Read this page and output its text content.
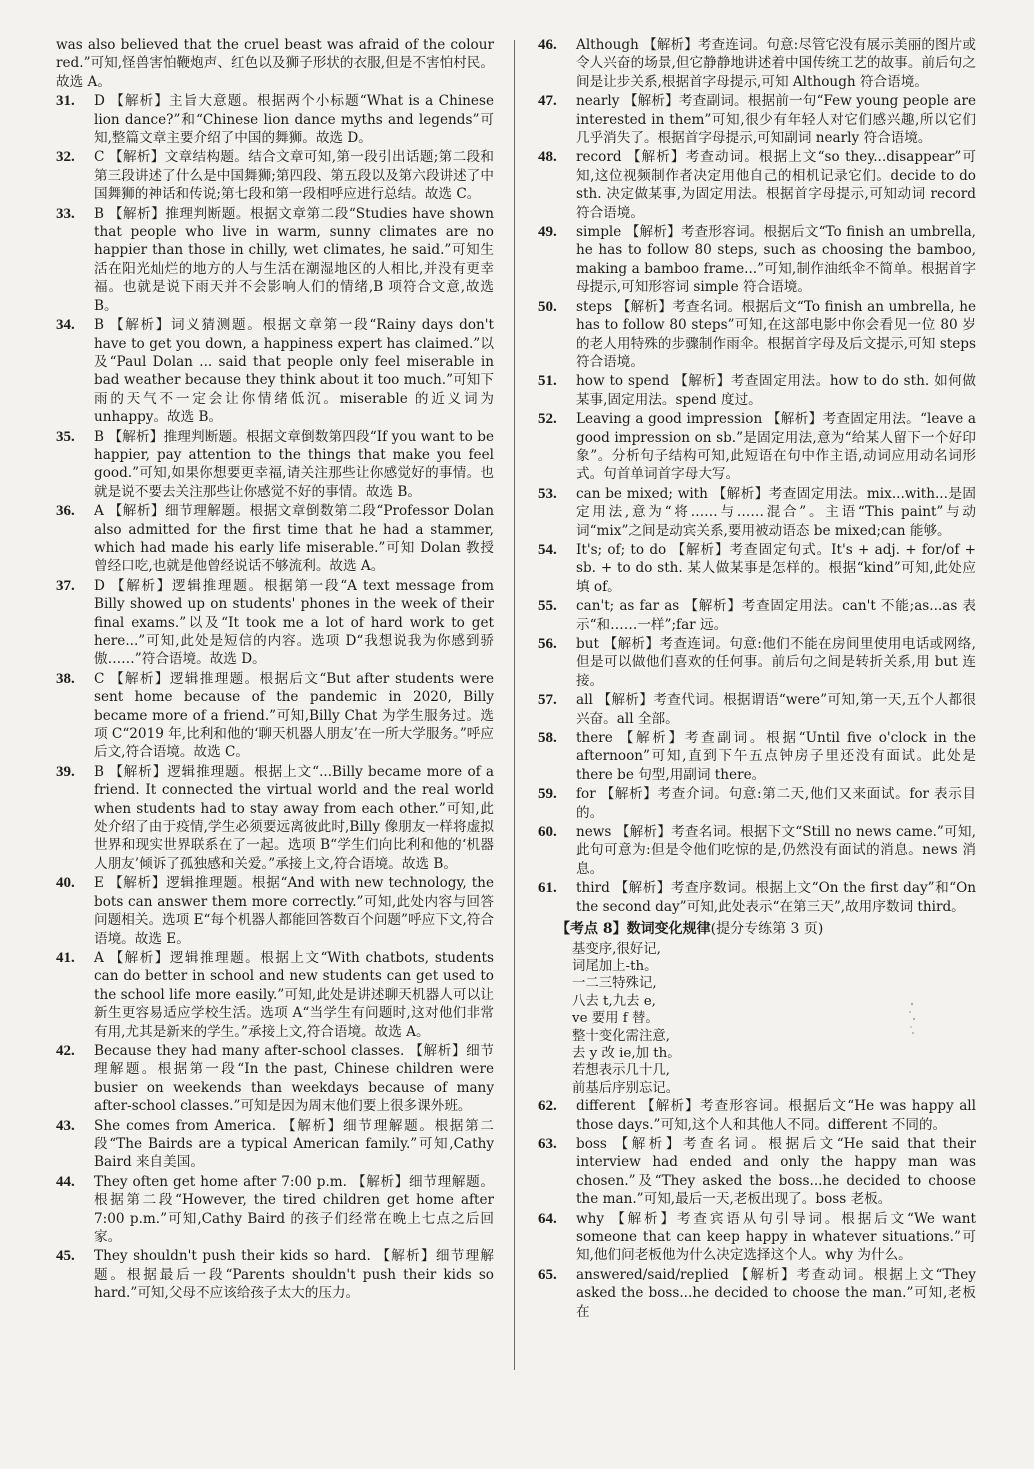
was also believed that the cruel beast was afraid of the colour red.”可知,怪兽害怕鞭炮声、红色以及狮子形状的衣服,但是不害怕村民。故选 A。

31.	D 【解析】主旨大意题。根据两个小标题“What is a Chinese lion dance?”和“Chinese lion dance myths and legends”可知,整篇文章主要介绍了中国的舞狮。故选 D。

32.	C 【解析】文章结构题。结合文章可知,第一段引出话题;第二段和第三段讲述了什么是中国舞狮;第四段、第五段以及第六段讲述了中国舞狮的神话和传说;第七段和第一段相呼应进行总结。故选 C。

33.	B 【解析】推理判断题。根据文章第二段“Studies have shown that people who live in warm, sunny climates are no happier than those in chilly, wet climates, he said.”可知生活在阳光灿烂的地方的人与生活在潮湿地区的人相比,并没有更幸福。也就是说下雨天并不会影响人们的情绪,B 项符合文意,故选 B。

34.	B 【解析】词义猜测题。根据文章第一段“Rainy days don't have to get you down, a happiness expert has claimed.”以及“Paul Dolan ... said that people only feel miserable in bad weather because they think about it too much.”可知下雨的天气不一定会让你情绪低沉。miserable 的近义词为 unhappy。故选 B。

35.	B 【解析】推理判断题。根据文章倒数第四段“If you want to be happier, pay attention to the things that make you feel good.”可知,如果你想要更幸福,请关注那些让你感觉好的事情。也就是说不要去关注那些让你感觉不好的事情。故选 B。

36.	A 【解析】细节理解题。根据文章倒数第二段“Professor Dolan also admitted for the first time that he had a stammer, which had made his early life miserable.”可知 Dolan 教授曾经口吃,也就是他曾经说话不够流利。故选 A。

37.	D 【解析】逻辑推理题。根据第一段“A text message from Billy showed up on students' phones in the week of their final exams.”以及“It took me a lot of hard work to get here...”可知,此处是短信的内容。选项 D“我想说我为你感到骄傲……”符合语境。故选 D。

38.	C 【解析】逻辑推理题。根据后文“But after students were sent home because of the pandemic in 2020, Billy became more of a friend.”可知,Billy Chat 为学生服务过。选项 C“2019 年,比利和他的‘聊天机器人朋友’在一所大学服务。”呼应后文,符合语境。故选 C。

39.	B 【解析】逻辑推理题。根据上文“...Billy became more of a friend. It connected the virtual world and the real world when students had to stay away from each other.”可知,此处介绍了由于疫情,学生必须要远离彼此时,Billy 像朋友一样将虚拟世界和现实世界联系在了一起。选项 B“学生们向比利和他的‘机器人朋友’倾诉了孤独感和关爱。”承接上文,符合语境。故选 B。

40.	E 【解析】逻辑推理题。根据“And with new technology, the bots can answer them more correctly.”可知,此处内容与回答问题相关。选项 E“每个机器人都能回答数百个问题”呼应下文,符合语境。故选 E。

41.	A 【解析】逻辑推理题。根据上文“With chatbots, students can do better in school and new students can get used to the school life more easily.”可知,此处是讲述聊天机器人可以让新生更容易适应学校生活。选项 A“当学生有问题时,这对他们非常有用,尤其是新来的学生。”承接上文,符合语境。故选 A。

42.	Because they had many after-school classes. 【解析】细节理解题。根据第一段“In the past, Chinese children were busier on weekends than weekdays because of many after-school classes.”可知是因为周末他们要上很多课外班。

43.	She comes from America. 【解析】细节理解题。根据第二段“The Bairds are a typical American family.”可知,Cathy Baird 来自美国。

44.	They often get home after 7:00 p.m. 【解析】细节理解题。根据第二段“However, the tired children get home after 7:00 p.m.”可知,Cathy Baird 的孩子们经常在晚上七点之后回家。

45.	They shouldn't push their kids so hard. 【解析】细节理解题。根据最后一段“Parents shouldn't push their kids so hard.”可知,父母不应该给孩子太大的压力。

46.	Although 【解析】考查连词。句意:尽管它没有展示美丽的图片或令人兴奋的场景,但它静静地讲述着中国传统工艺的故事。前后句之间是让步关系,根据首字母提示,可知 Although 符合语境。

47.	nearly 【解析】考查副词。根据前一句“Few young people are interested in them”可知,很少有年轻人对它们感兴趣,所以它们几乎消失了。根据首字母提示,可知副词 nearly 符合语境。

48.	record 【解析】考查动词。根据上文“so they...disappear”可知,这位视频制作者决定用他自己的相机记录它们。decide to do sth. 决定做某事,为固定用法。根据首字母提示,可知动词 record 符合语境。

49.	simple 【解析】考查形容词。根据后文“To finish an umbrella, he has to follow 80 steps, such as choosing the bamboo, making a bamboo frame...”可知,制作油纸伞不简单。根据首字母提示,可知形容词 simple 符合语境。

50.	steps 【解析】考查名词。根据后文“To finish an umbrella, he has to follow 80 steps”可知,在这部电影中你会看见一位 80 岁的老人用特殊的步骤制作雨伞。根据首字母及后文提示,可知 steps 符合语境。

51.	how to spend 【解析】考查固定用法。how to do sth. 如何做某事,固定用法。spend 度过。

52.	Leaving a good impression 【解析】考查固定用法。“leave a good impression on sb.”是固定用法,意为“给某人留下一个好印象”。分析句子结构可知,此短语在句中作主语,动词应用动名词形式。句首单词首字母大写。

53.	can be mixed; with 【解析】考查固定用法。mix...with...是固定用法,意为“将……与……混合”。主语“This paint”与动词“mix”之间是动宾关系,要用被动语态 be mixed;can 能够。

54.	It's; of; to do 【解析】考查固定句式。It's + adj. + for/of + sb. + to do sth. 某人做某事是怎样的。根据“kind”可知,此处应填 of。

55.	can't; as far as 【解析】考查固定用法。can't 不能;as...as 表示“和……一样”;far 远。

56.	but 【解析】考查连词。句意:他们不能在房间里使用电话或网络,但是可以做他们喜欢的任何事。前后句之间是转折关系,用 but 连接。

57.	all 【解析】考查代词。根据谓语“were”可知,第一天,五个人都很兴奋。all 全部。

58.	there 【解析】考查副词。根据“Until five o'clock in the afternoon”可知,直到下午五点钟房子里还没有面试。此处是 there be 句型,用副词 there。

59.	for 【解析】考查介词。句意:第二天,他们又来面试。for 表示目的。

60.	news 【解析】考查名词。根据下文“Still no news came.”可知,此句可意为:但是令他们吃惊的是,仍然没有面试的消息。news 消息。

61.	third 【解析】考查序数词。根据上文“On the first day”和“On the second day”可知,此处表示“在第三天”,故用序数词 third。

【考点 8】数词变化规律(提分专练第 3 页)
基变序,很好记,
词尾加上-th。
一二三特殊记,
八去 t,九去 e,
ve 要用 f 替。
整十变化需注意,
去 y 改 ie,加 th。
若想表示几十几,
前基后序别忘记。

62.	different 【解析】考查形容词。根据后文“He was happy all those days.”可知,这个人和其他人不同。different 不同的。

63.	boss 【解析】考查名词。根据后文“He said that their interview had ended and only the happy man was chosen.”及“They asked the boss...he decided to choose the man.”可知,最后一天,老板出现了。boss 老板。

64.	why 【解析】考查宾语从句引导词。根据后文“We want someone that can keep happy in whatever situations.”可知,他们问老板他为什么决定选择这个人。why 为什么。

65.	answered/said/replied 【解析】考查动词。根据上文“They asked the boss...he decided to choose the man.”可知,老板在
